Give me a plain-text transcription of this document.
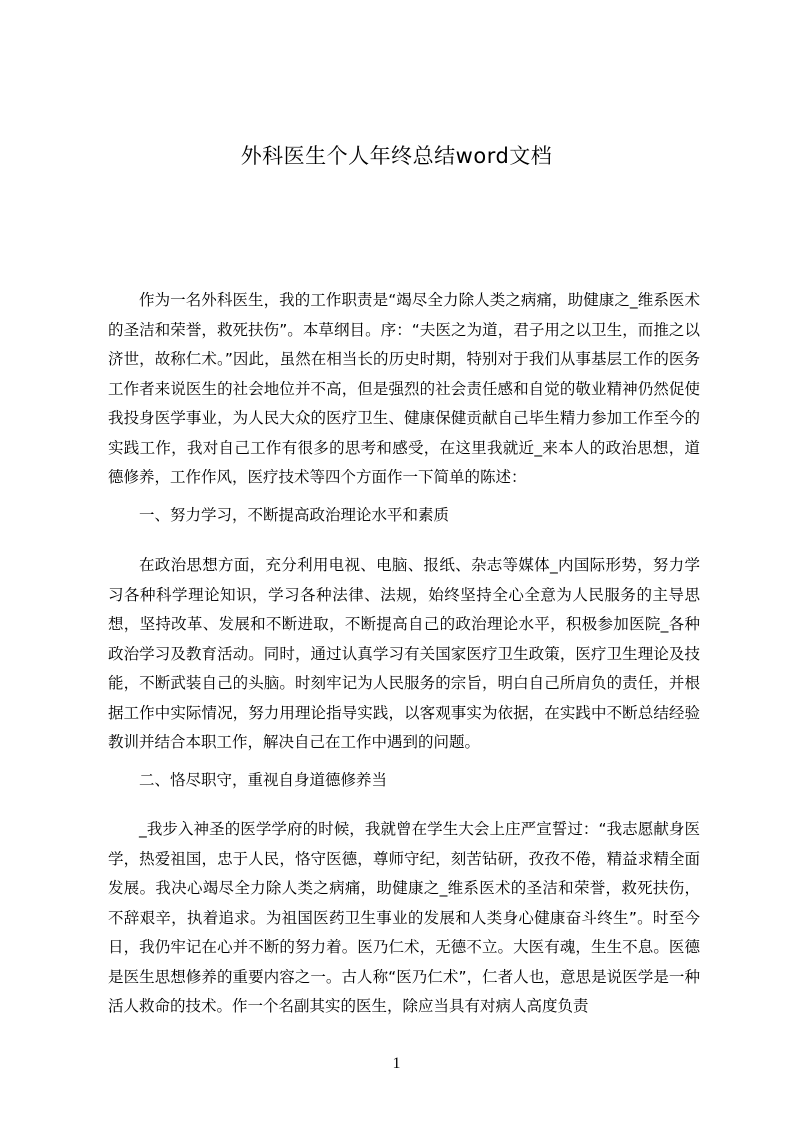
外科医生个人年终总结word文档

作为一名外科医生，我的工作职责是“竭尽全力除人类之病痛，助健康之_维系医术的圣洁和荣誉，救死扶伤”。本草纲目。序：“夫医之为道，君子用之以卫生，而推之以济世，故称仁术。”因此，虽然在相当长的历史时期，特别对于我们从事基层工作的医务工作者来说医生的社会地位并不高，但是强烈的社会责任感和自觉的敬业精神仍然促使我投身医学事业，为人民大众的医疗卫生、健康保健贡献自己毕生精力参加工作至今的实践工作，我对自己工作有很多的思考和感受，在这里我就近_来本人的政治思想，道德修养，工作作风，医疗技术等四个方面作一下简单的陈述：

一、努力学习，不断提高政治理论水平和素质

在政治思想方面，充分利用电视、电脑、报纸、杂志等媒体_内国际形势，努力学习各种科学理论知识，学习各种法律、法规，始终坚持全心全意为人民服务的主导思想，坚持改革、发展和不断进取，不断提高自己的政治理论水平，积极参加医院_各种政治学习及教育活动。同时，通过认真学习有关国家医疗卫生政策，医疗卫生理论及技能，不断武装自己的头脑。时刻牢记为人民服务的宗旨，明白自己所肩负的责任，并根据工作中实际情况，努力用理论指导实践，以客观事实为依据，在实践中不断总结经验教训并结合本职工作，解决自己在工作中遇到的问题。

二、恪尽职守，重视自身道德修养当

_我步入神圣的医学学府的时候，我就曾在学生大会上庄严宣誓过：“我志愿献身医学，热爱祖国，忠于人民，恪守医德，尊师守纪，刻苦钻研，孜孜不倦，精益求精全面发展。我决心竭尽全力除人类之病痛，助健康之_维系医术的圣洁和荣誉，救死扶伤，不辞艰辛，执着追求。为祖国医药卫生事业的发展和人类身心健康奋斗终生”。时至今日，我仍牢记在心并不断的努力着。医乃仁术，无德不立。大医有魂，生生不息。医德是医生思想修养的重要内容之一。古人称“医乃仁术”，仁者人也，意思是说医学是一种活人救命的技术。作一个名副其实的医生，除应当具有对病人高度负责

1
